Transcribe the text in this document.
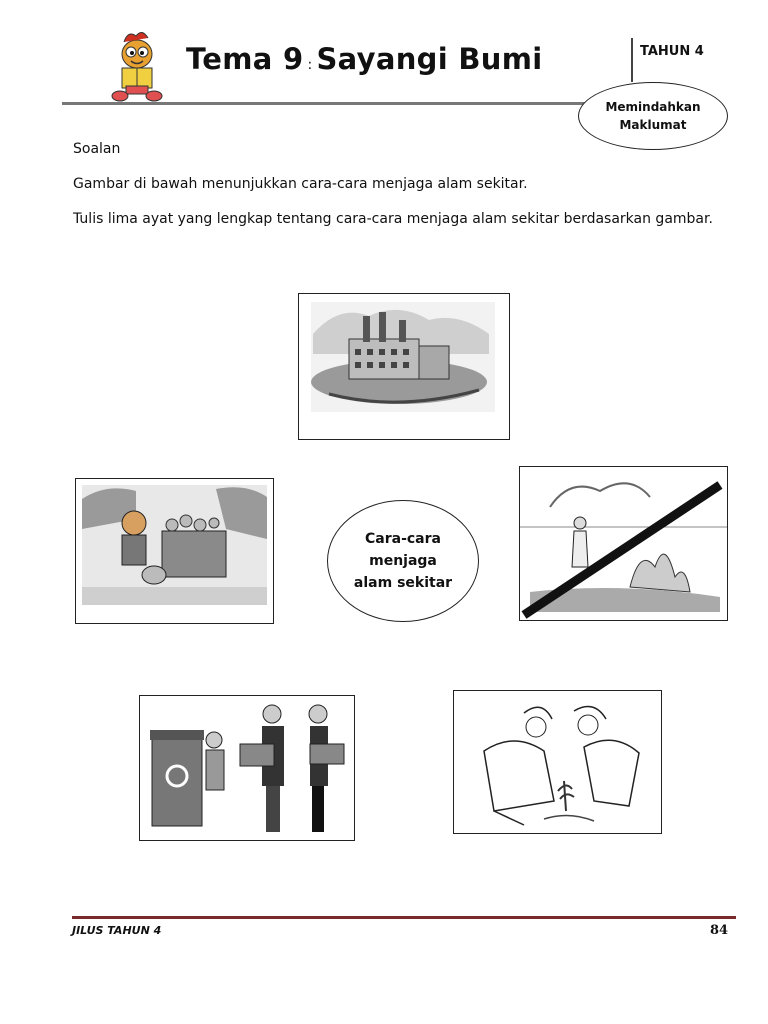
Tema 9 : Sayangi Bumi	TAHUN 4
Memindahkan
Maklumat
Soalan
Gambar di bawah menunjukkan cara-cara menjaga alam sekitar.
Tulis lima ayat yang lengkap tentang cara-cara menjaga alam sekitar berdasarkan gambar.
Cara-cara
menjaga
alam sekitar
JILUS TAHUN 4	84
